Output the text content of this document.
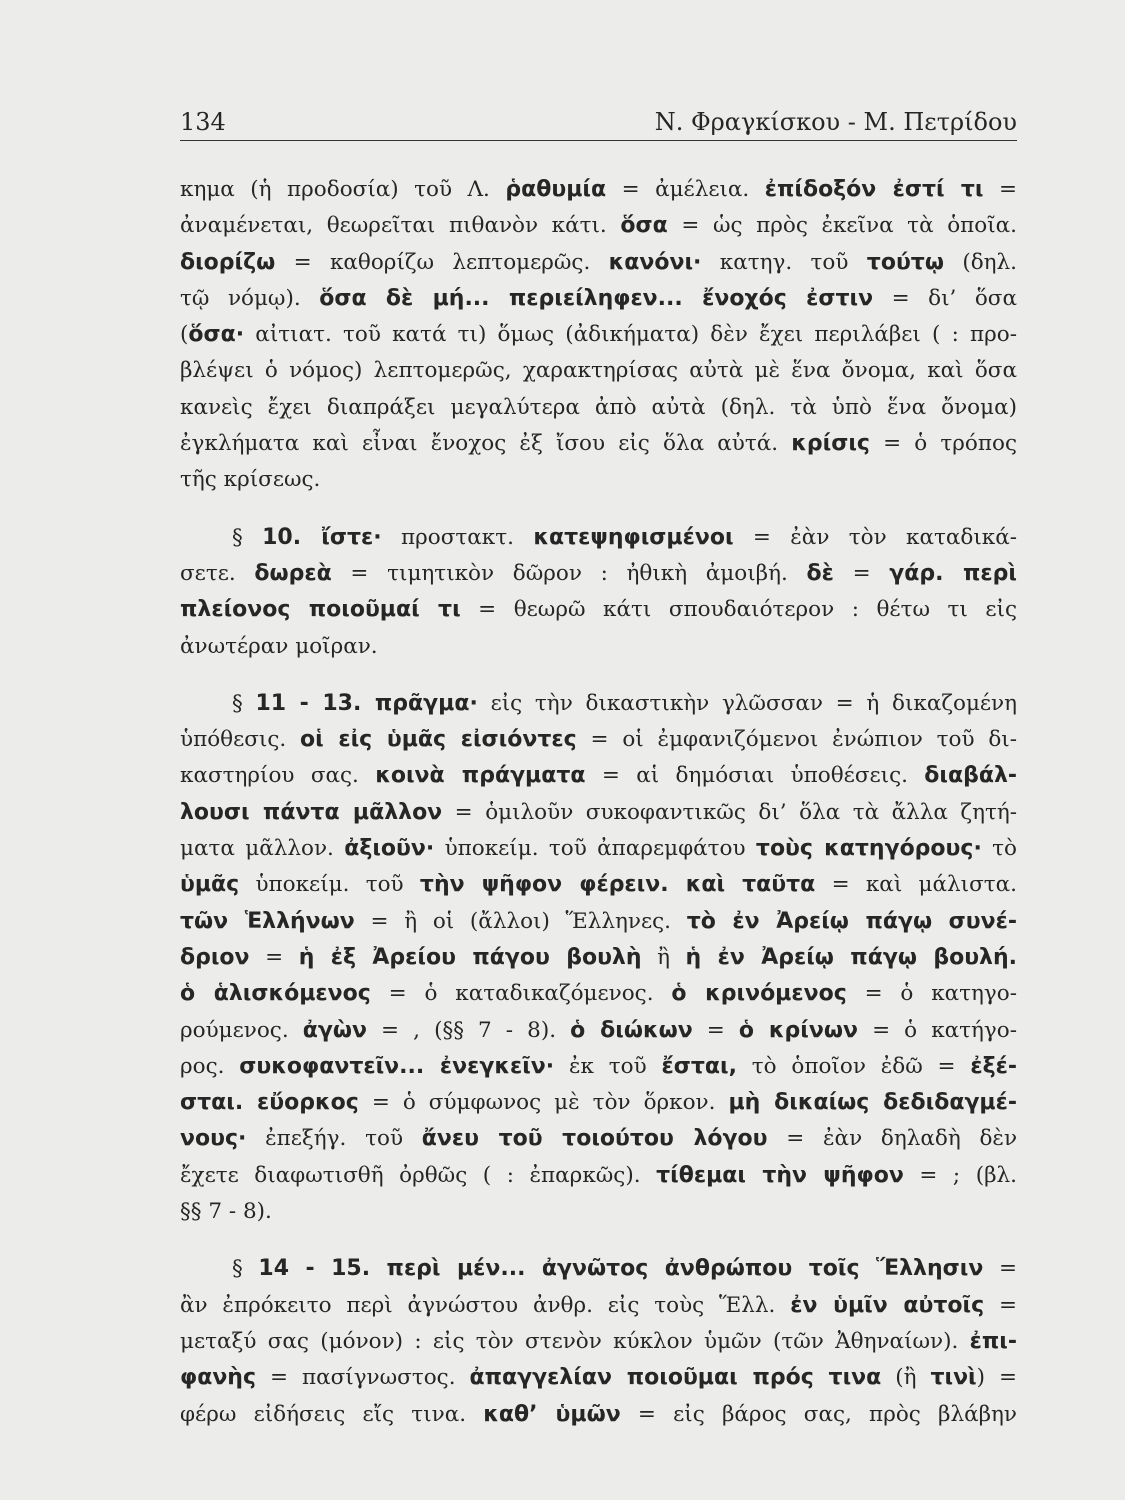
134	Ν. Φραγκίσκου - Μ. Πετρίδου
κημα (ἡ προδοσία) τοῦ Λ. ῥαθυμία = ἀμέλεια. ἐπίδοξόν ἐστί τι =
ἀναμένεται, θεωρεῖται πιθανὸν κάτι. ὅσα = ὡς πρὸς ἐκεῖνα τὰ ὁποῖα.
διορίζω = καθορίζω λεπτομερῶς. κανόνι· κατηγ. τοῦ τούτῳ (δηλ.
τῷ νόμῳ). ὅσα δὲ μή... περιείληφεν... ἔνοχός ἐστιν = δι’ ὅσα
(ὅσα· αἰτιατ. τοῦ κατά τι) ὅμως (ἀδικήματα) δὲν ἔχει περιλάβει ( : προ-
βλέψει ὁ νόμος) λεπτομερῶς, χαρακτηρίσας αὐτὰ μὲ ἕνα ὄνομα, καὶ ὅσα
κανεὶς ἔχει διαπράξει μεγαλύτερα ἀπὸ αὐτὰ (δηλ. τὰ ὑπὸ ἕνα ὄνομα)
ἐγκλήματα καὶ εἶναι ἔνοχος ἐξ ἴσου εἰς ὅλα αὐτά. κρίσις = ὁ τρόπος
τῆς κρίσεως.
§ 10. ἴστε· προστακτ. κατεψηφισμένοι = ἐὰν τὸν καταδικά-
σετε. δωρεὰ = τιμητικὸν δῶρον : ἠθικὴ ἀμοιβή. δὲ = γάρ. περὶ
πλείονος ποιοῦμαί τι = θεωρῶ κάτι σπουδαιότερον : θέτω τι εἰς
ἀνωτέραν μοῖραν.
§ 11 - 13. πρᾶγμα· εἰς τὴν δικαστικὴν γλῶσσαν = ἡ δικαζομένη
ὑπόθεσις. οἱ εἰς ὑμᾶς εἰσιόντες = οἱ ἐμφανιζόμενοι ἐνώπιον τοῦ δι-
καστηρίου σας. κοινὰ πράγματα = αἱ δημόσιαι ὑποθέσεις. διαβάλ-
λουσι πάντα μᾶλλον = ὁμιλοῦν συκοφαντικῶς δι’ ὅλα τὰ ἄλλα ζητή-
ματα μᾶλλον. ἀξιοῦν· ὑποκείμ. τοῦ ἀπαρεμφάτου τοὺς κατηγόρους· τὸ
ὑμᾶς ὑποκείμ. τοῦ τὴν ψῆφον φέρειν. καὶ ταῦτα = καὶ μάλιστα.
τῶν Ἑλλήνων = ἢ οἱ (ἄλλοι) Ἕλληνες. τὸ ἐν Ἀρείῳ πάγῳ συνέ-
δριον = ἡ ἐξ Ἀρείου πάγου βουλὴ ἢ ἡ ἐν Ἀρείῳ πάγῳ βουλή.
ὁ ἁλισκόμενος = ὁ καταδικαζόμενος. ὁ κρινόμενος = ὁ κατηγο-
ρούμενος. ἀγὼν = , (§§ 7 - 8). ὁ διώκων = ὁ κρίνων = ὁ κατήγο-
ρος. συκοφαντεῖν... ἐνεγκεῖν· ἐκ τοῦ ἔσται, τὸ ὁποῖον ἐδῶ = ἐξέ-
σται. εὔορκος = ὁ σύμφωνος μὲ τὸν ὅρκον. μὴ δικαίως δεδιδαγμέ-
νους· ἐπεξήγ. τοῦ ἄνευ τοῦ τοιούτου λόγου = ἐὰν δηλαδὴ δὲν
ἔχετε διαφωτισθῆ ὀρθῶς ( : ἐπαρκῶς). τίθεμαι τὴν ψῆφον = ; (βλ.
§§ 7 - 8).
§ 14 - 15. περὶ μέν... ἀγνῶτος ἀνθρώπου τοῖς Ἕλλησιν =
ἂν ἐπρόκειτο περὶ ἀγνώστου ἀνθρ. εἰς τοὺς Ἕλλ. ἐν ὑμῖν αὐτοῖς =
μεταξύ σας (μόνον) : εἰς τὸν στενὸν κύκλον ὑμῶν (τῶν Ἀθηναίων). ἐπι-
φανὴς = πασίγνωστος. ἀπαγγελίαν ποιοῦμαι πρός τινα (ἢ τινὶ) =
φέρω εἰδήσεις εἴς τινα. καθ’ ὑμῶν = εἰς βάρος σας, πρὸς βλάβην
